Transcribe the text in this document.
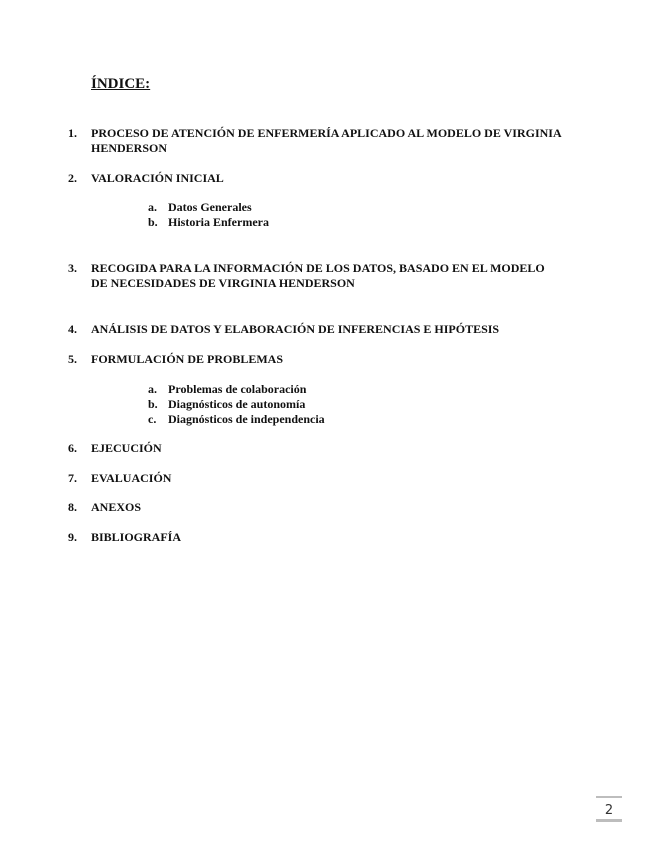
ÍNDICE:
1.	PROCESO DE ATENCIÓN DE ENFERMERÍA APLICADO AL MODELO DE VIRGINIA HENDERSON
2.	VALORACIÓN INICIAL
a. Datos Generales
b. Historia Enfermera
3.	RECOGIDA PARA LA INFORMACIÓN DE LOS DATOS, BASADO EN EL MODELO DE NECESIDADES DE VIRGINIA HENDERSON
4.	ANÁLISIS DE DATOS Y ELABORACIÓN DE INFERENCIAS E HIPÓTESIS
5.	FORMULACIÓN DE PROBLEMAS
a. Problemas de colaboración
b. Diagnósticos de autonomía
c. Diagnósticos de independencia
6.	EJECUCIÓN
7.	EVALUACIÓN
8.	ANEXOS
9.	BIBLIOGRAFÍA
2
